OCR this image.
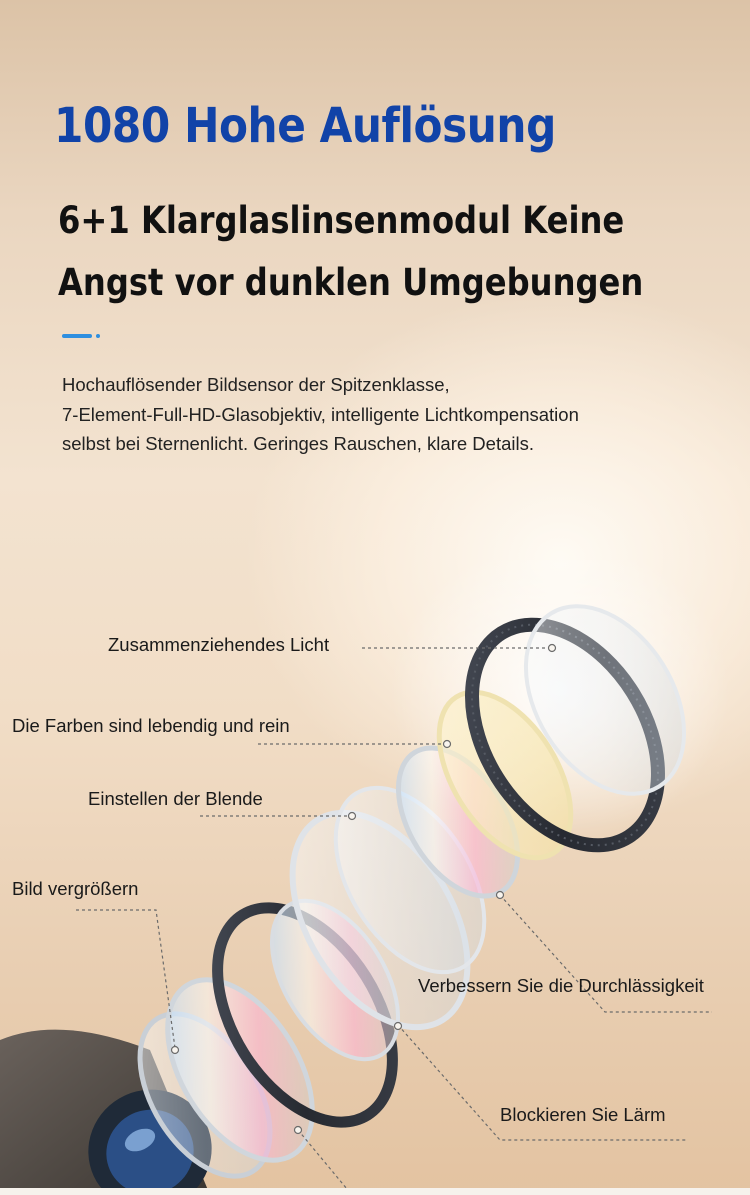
1080 Hohe Auflösung
6+1 Klarglaslinsenmodul Keine
Angst vor dunklen Umgebungen

Hochauflösender Bildsensor der Spitzenklasse,
7-Element-Full-HD-Glasobjektiv, intelligente Lichtkompensation
selbst bei Sternenlicht. Geringes Rauschen, klare Details.

Zusammenziehendes Licht
Die Farben sind lebendig und rein
Einstellen der Blende
Bild vergrößern
Verbessern Sie die Durchlässigkeit
Blockieren Sie Lärm
